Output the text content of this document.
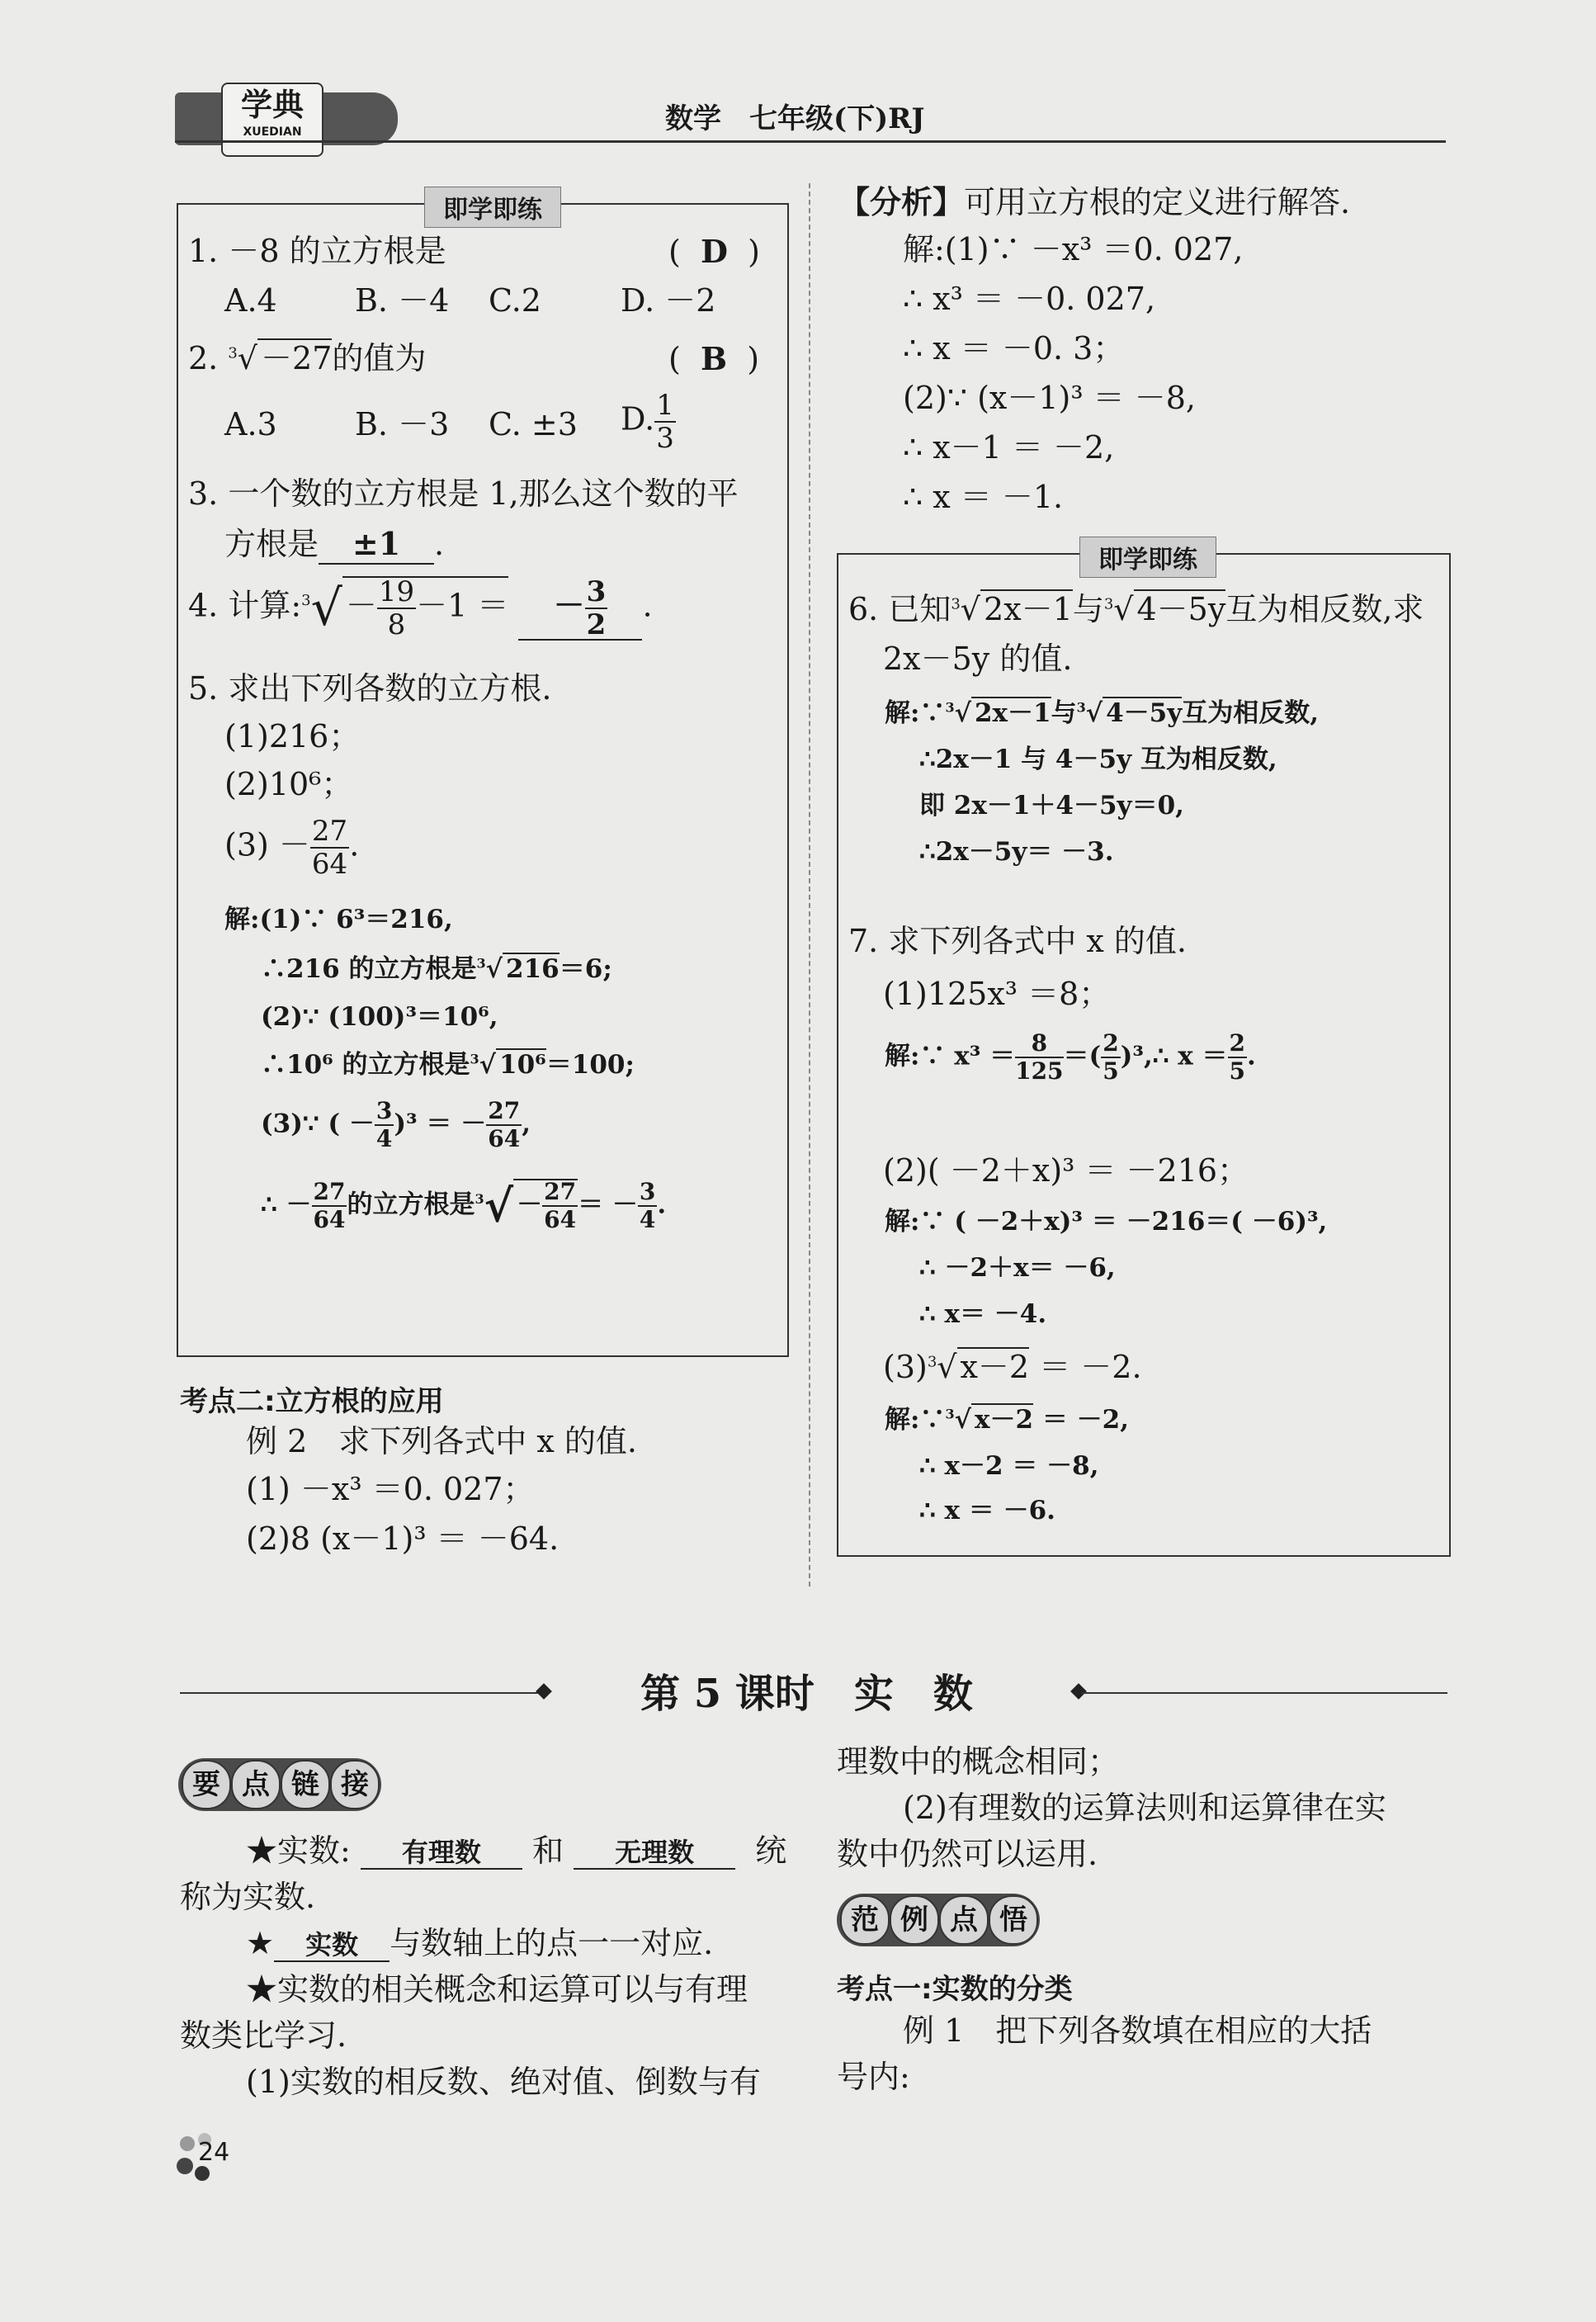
学典
XUEDIAN	数学　七年级(下)RJ
即学即练
1. －8 的立方根是	(  D  )
A.4 B. －4 C.2	D. －2
2. $^3$√ －27的值为	(  B  )
A.3 B. －3 C. ±3 D. $\frac{1}{3}$
3. 一个数的立方根是 1,那么这个数的平
方根是 ±1 .
4. 计算:$^3$√ － $\frac{19}{8} -1$ ＝ － $\frac{3}{2}$ .
5. 求出下列各数的立方根.
(1)216；
(2)10⁶；
$(3) - \frac{27}{64}$ .
解:(1)∵ 6³＝216,
∴216 的立方根是$^3$√ 216＝6;
(2)∵ (100)³＝10⁶,
∴10⁶ 的立方根是$^3$√ 10⁶＝100;
(3)∵ ( － $\frac{3}{4} )^3$ ＝ － $\frac{27}{64}$ ,
∴ － $\frac{27}{64}$ 的立方根是$^3√ - \frac{27}{64}$ ＝ － $\frac{3}{4}$ .
考点二:立方根的应用
例 2　求下列各式中 x 的值.
(1) －x³ ＝0. 027；
(2)8 (x－1)³ ＝ －64.
【分析】可用立方根的定义进行解答.
解:(1)∵ －x³ ＝0. 027,
∴ x³ ＝ －0. 027,
∴ x ＝ －0. 3；
(2)∵ (x－1)³ ＝ －8,
∴ x－1 ＝ －2,
∴ x ＝ －1.
即学即练
6. 已知$^3$√ 2x－1与$^3$√ 4－5y互为相反数,求
2x－5y 的值.
解:∵$^3$√ 2x－1与$^3$√ 4－5y互为相反数,
∴2x－1 与 4－5y 互为相反数,
即 2x－1＋4－5y＝0,
∴2x－5y＝ －3.
7. 求下列各式中 x 的值.
(1)125x³ ＝8；
解:∵ $x^3 = \frac{8}{125}$ ＝( $\frac{2}{5}$ )³,∴ $x = \frac{2}{5}$ .
(2)( －2＋x)³ ＝ －216；
解:∵ ( －2＋x)³ ＝ －216＝( －6)³,
∴ －2＋x＝ －6,
∴ x＝ －4.
$(3)^3√$ x－2 ＝ －2.
解:∵$^3$√ x－2 ＝ －2,
∴ x－2 ＝ －8,
∴ x ＝ －6.
第 5 课时　实　数
要 点 链 接
★实数: 有理数 和 无理数 统
称为实数.
★ 实数 与数轴上的点一一对应.
★实数的相关概念和运算可以与有理
数类比学习.
(1)实数的相反数、绝对值、倒数与有
理数中的概念相同；
(2)有理数的运算法则和运算律在实
数中仍然可以运用.
范 例 点 悟
考点一:实数的分类
例 1　把下列各数填在相应的大括
号内:
24
